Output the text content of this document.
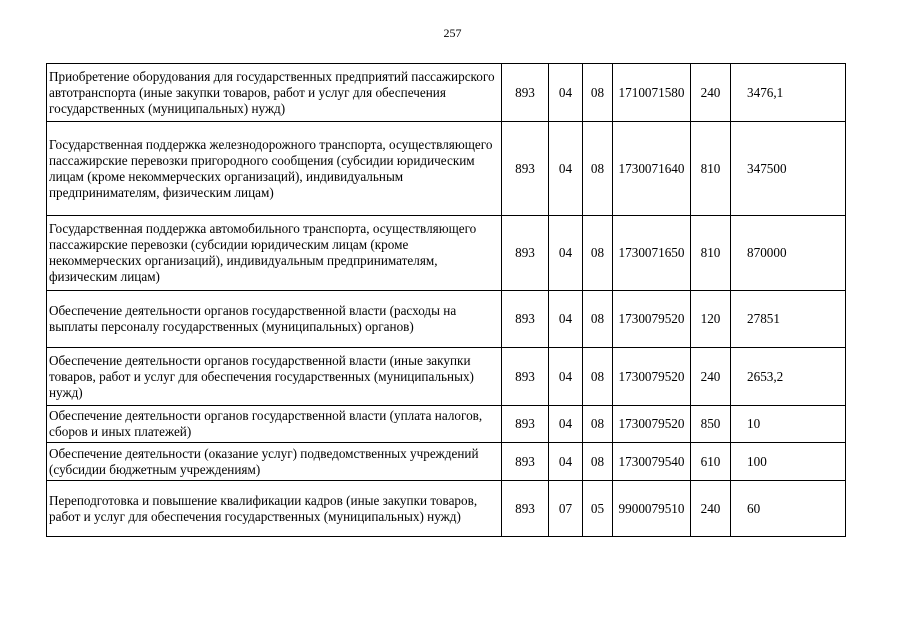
257
Приобретение оборудования для государственных предприятий пассажирского автотранспорта (иные закупки товаров, работ и услуг для обеспечения государственных (муниципальных) нужд)	893	04	08	1710071580	240	3476,1
Государственная поддержка железнодорожного транспорта, осуществляющего пассажирские перевозки пригородного сообщения (субсидии юридическим лицам (кроме некоммерческих организаций), индивидуальным предпринимателям, физическим лицам)	893	04	08	1730071640	810	347500
Государственная поддержка автомобильного транспорта, осуществляющего пассажирские перевозки (субсидии юридическим лицам (кроме некоммерческих организаций), индивидуальным предпринимателям, физическим лицам)	893	04	08	1730071650	810	870000
Обеспечение деятельности органов государственной власти (расходы на выплаты персоналу государственных (муниципальных) органов)	893	04	08	1730079520	120	27851
Обеспечение деятельности органов государственной власти (иные закупки товаров, работ и услуг для обеспечения государственных (муниципальных) нужд)	893	04	08	1730079520	240	2653,2
Обеспечение деятельности органов государственной власти (уплата налогов, сборов и иных платежей)	893	04	08	1730079520	850	10
Обеспечение деятельности (оказание услуг) подведомственных учреждений (субсидии бюджетным учреждениям)	893	04	08	1730079540	610	100
Переподготовка и повышение квалификации кадров (иные закупки товаров, работ и услуг для обеспечения государственных (муниципальных) нужд)	893	07	05	9900079510	240	60
